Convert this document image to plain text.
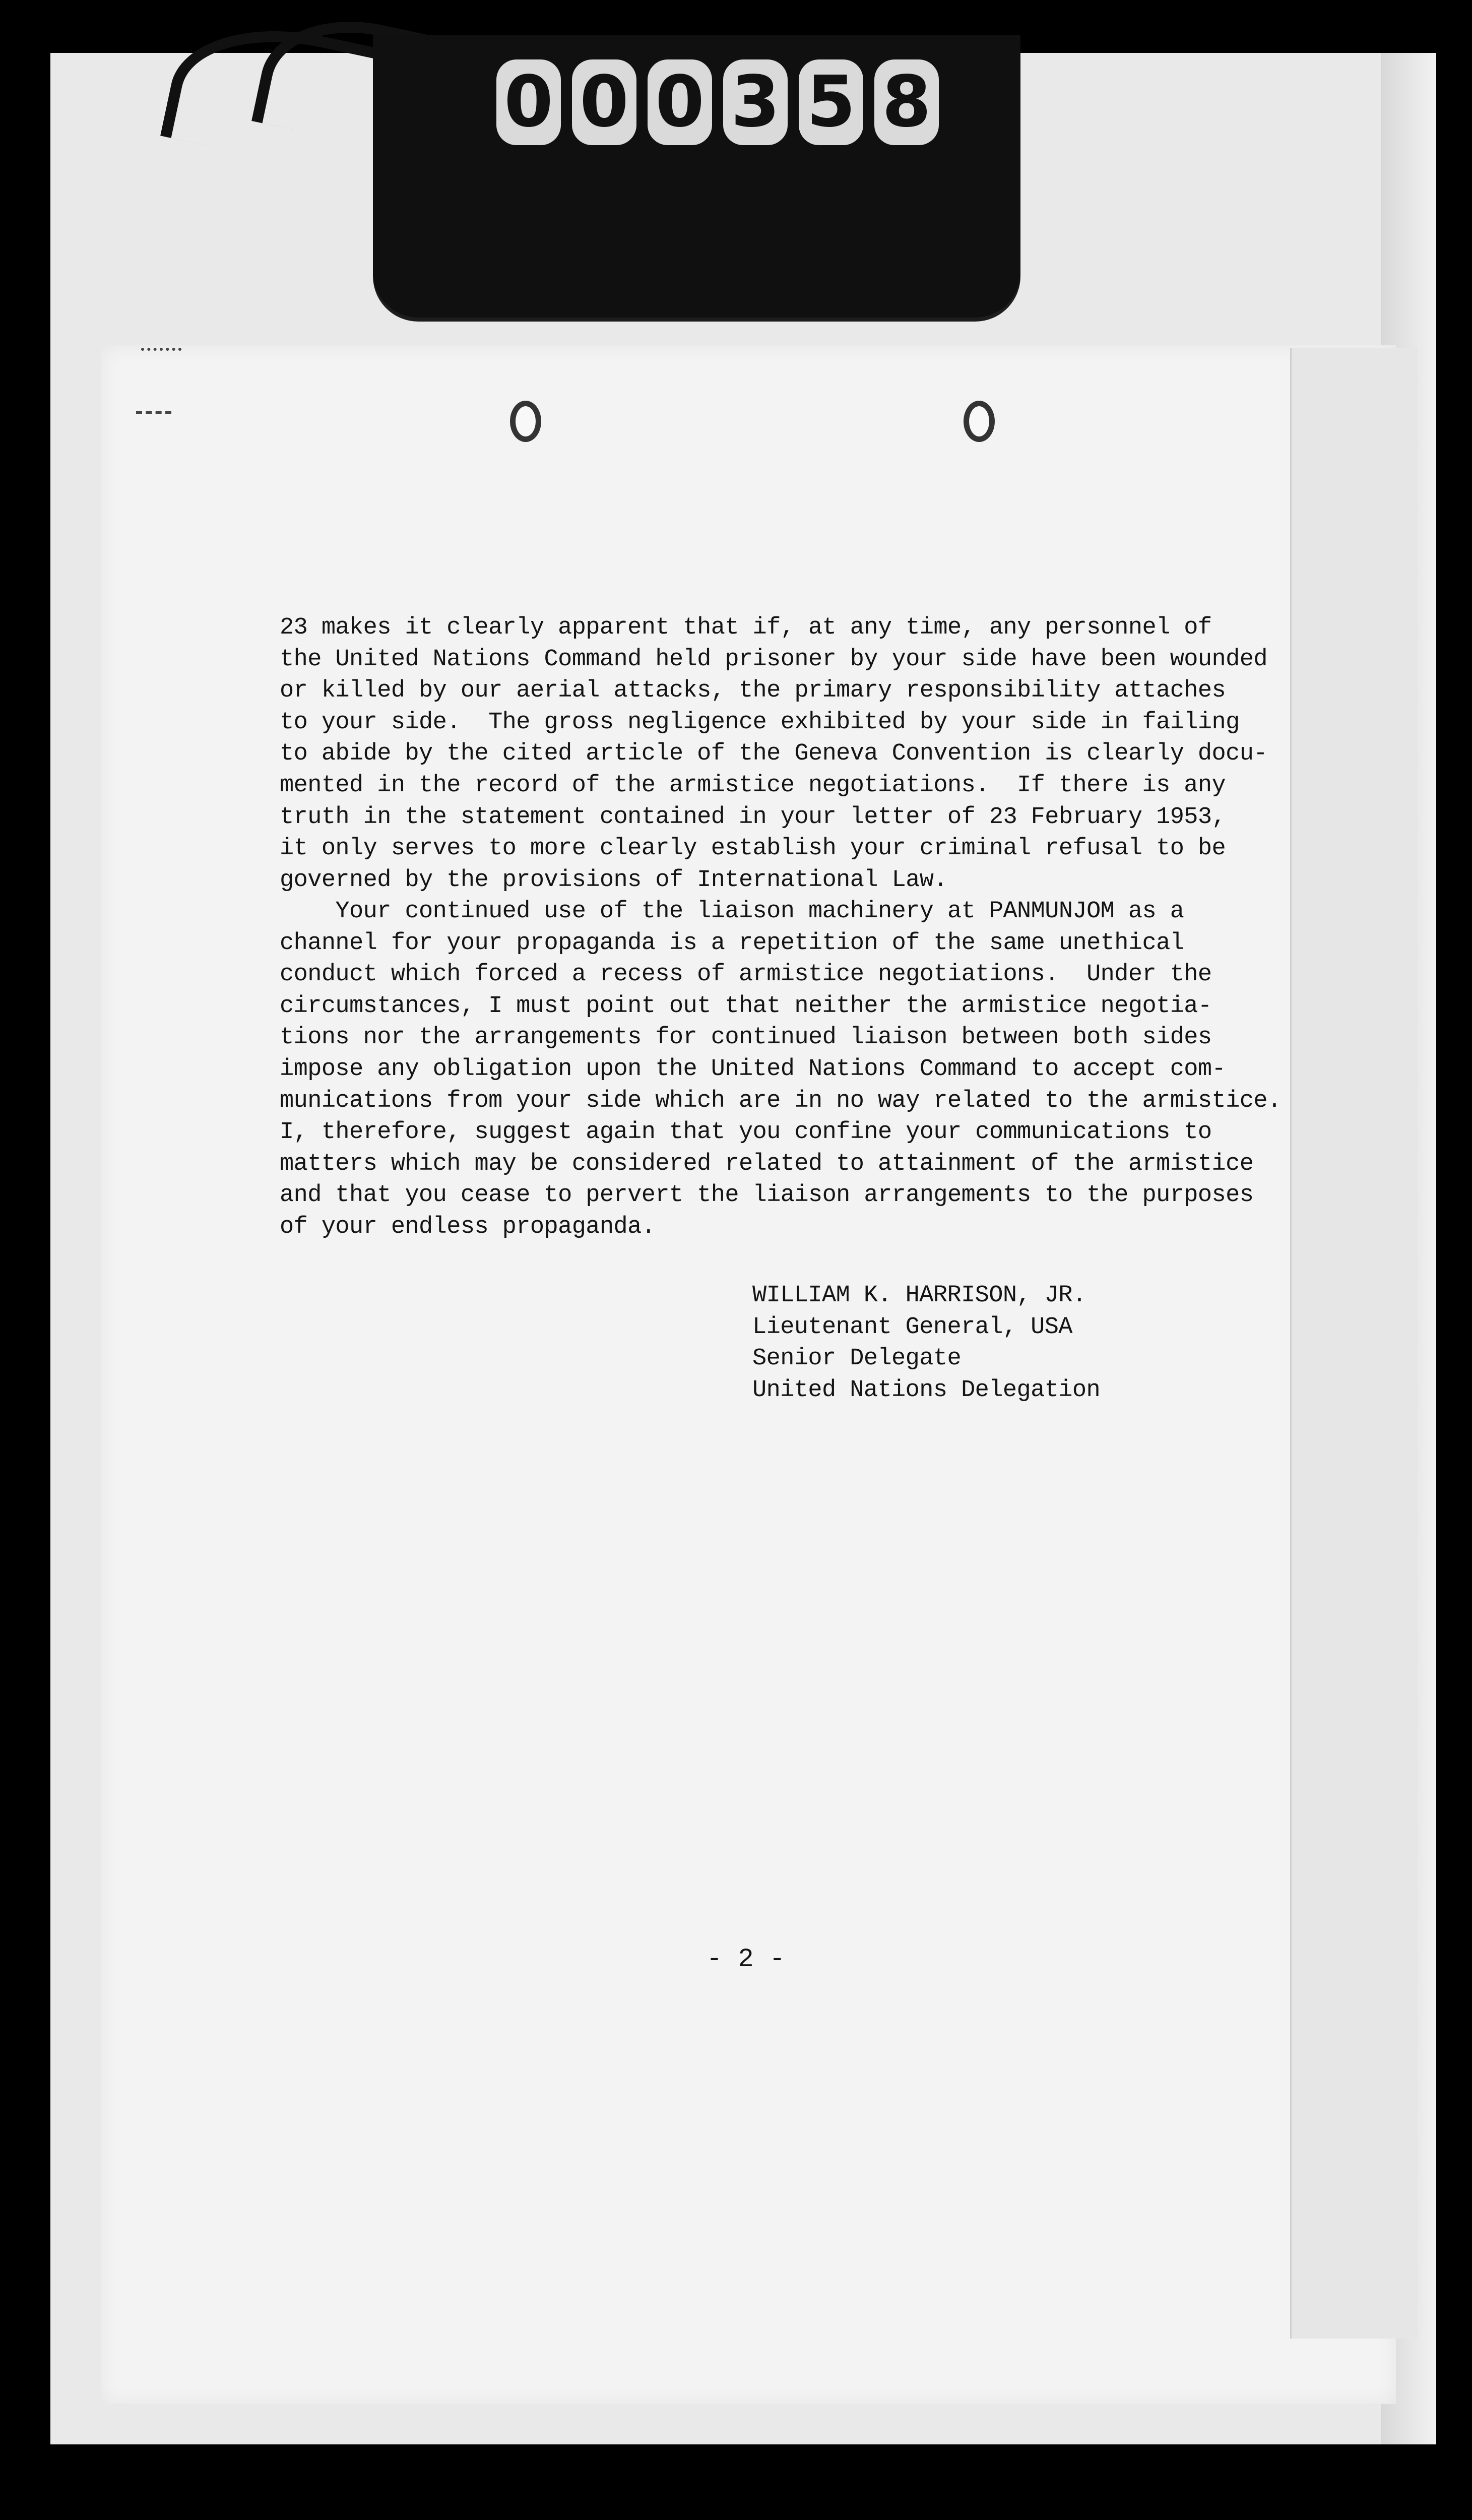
0 0 0 3 5 8
23 makes it clearly apparent that if, at any time, any personnel of
the United Nations Command held prisoner by your side have been wounded
or killed by our aerial attacks, the primary responsibility attaches
to your side.  The gross negligence exhibited by your side in failing
to abide by the cited article of the Geneva Convention is clearly docu-
mented in the record of the armistice negotiations.  If there is any
truth in the statement contained in your letter of 23 February 1953,
it only serves to more clearly establish your criminal refusal to be
governed by the provisions of International Law.
Your continued use of the liaison machinery at PANMUNJOM as a
channel for your propaganda is a repetition of the same unethical
conduct which forced a recess of armistice negotiations.  Under the
circumstances, I must point out that neither the armistice negotia-
tions nor the arrangements for continued liaison between both sides
impose any obligation upon the United Nations Command to accept com-
munications from your side which are in no way related to the armistice.
I, therefore, suggest again that you confine your communications to
matters which may be considered related to attainment of the armistice
and that you cease to pervert the liaison arrangements to the purposes
of your endless propaganda.
WILLIAM K. HARRISON, JR.
Lieutenant General, USA
Senior Delegate
United Nations Delegation
- 2 -
